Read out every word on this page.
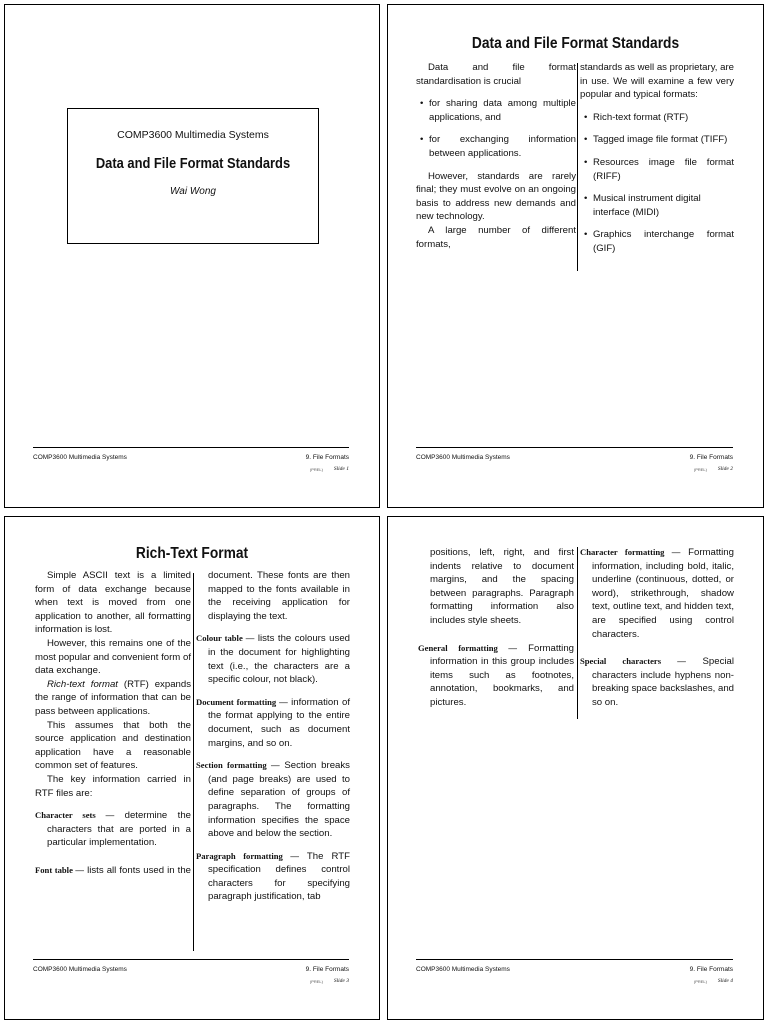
COMP3600 Multimedia Systems
Data and File Format Standards
Wai Wong
COMP3600 Multimedia Systems	9. File Formats
(PREL) Slide 1
Data and File Format Standards

Data and file format standardisation is crucial

• for sharing data among multiple applications, and

• for exchanging information between applications.

However, standards are rarely final; they must evolve on an ongoing basis to address new demands and new technology.

A large number of different formats,

standards as well as proprietary, are in use. We will examine a few very popular and typical formats:

• Rich-text format (RTF)

• Tagged image file format (TIFF)

• Resources image file format (RIFF)

• Musical instrument digital interface (MIDI)

• Graphics interchange format (GIF)

COMP3600 Multimedia Systems	9. File Formats
(PREL) Slide 2
Rich-Text Format

Simple ASCII text is a limited form of data exchange because when text is moved from one application to another, all formatting information is lost.

However, this remains one of the most popular and convenient form of data exchange.

Rich-text format (RTF) expands the range of information that can be pass between applications.

This assumes that both the source application and destination application have a reasonable common set of features.

The key information carried in RTF files are:

Character sets — determine the characters that are ported in a particular implementation.

Font table — lists all fonts used in the

document. These fonts are then mapped to the fonts available in the receiving application for displaying the text.

Colour table — lists the colours used in the document for highlighting text (i.e., the characters are a specific colour, not black).

Document formatting — information of the format applying to the entire document, such as document margins, and so on.

Section formatting — Section breaks (and page breaks) are used to define separation of groups of paragraphs. The formatting information specifies the space above and below the section.

Paragraph formatting — The RTF specification defines control characters for specifying paragraph justification, tab

COMP3600 Multimedia Systems	9. File Formats
(PREL) Slide 3

positions, left, right, and first indents relative to document margins, and the spacing between paragraphs. Paragraph formatting information also includes style sheets.

General formatting — Formatting information in this group includes items such as footnotes, annotation, bookmarks, and pictures.

Character formatting — Formatting information, including bold, italic, underline (continuous, dotted, or word), strikethrough, shadow text, outline text, and hidden text, are specified using control characters.

Special characters — Special characters include hyphens non-breaking space backslashes, and so on.

COMP3600 Multimedia Systems	9. File Formats
(PREL) Slide 4
